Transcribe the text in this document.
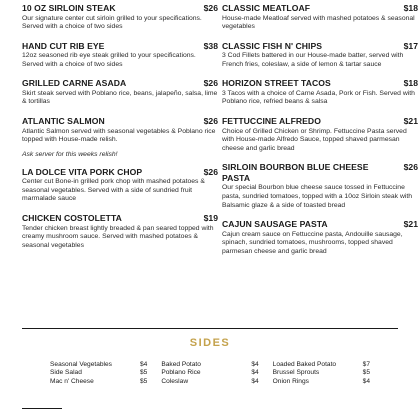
10 OZ SIRLOIN STEAK	$26
Our signature center cut sirloin grilled to your specifications. Served with a choice of two sides
HAND CUT RIB EYE	$38
12oz seasoned rib eye steak grilled to your specifications. Served with a choice of two sides
GRILLED CARNE ASADA	$26
Skirt steak served with Poblano rice, beans, jalapeño, salsa, lime & tortillas
ATLANTIC SALMON	$26
Atlantic Salmon served with seasonal vegetables & Poblano rice topped with House-made relish.
Ask server for this weeks relish!
LA DOLCE VITA PORK CHOP	$26
Center cut Bone-in grilled pork chop with mashed potatoes & seasonal vegetables. Served with a side of sundried fruit marmalade sauce
CHICKEN COSTOLETTA	$19
Tender chicken breast lightly breaded & pan seared topped with creamy mushroom sauce. Served with mashed potatoes & seasonal vegetables
CLASSIC MEATLOAF	$18
House-made Meatloaf served with mashed potatoes & seasonal vegetables
CLASSIC FISH N' CHIPS	$17
3 Cod Fillets battered in our House-made batter, served with French fries, coleslaw, a side of lemon & tartar sauce
HORIZON STREET TACOS	$18
3 Tacos with a choice of Carne Asada, Pork or Fish. Served with Poblano rice, refried beans & salsa
FETTUCCINE ALFREDO	$21
Choice of Grilled Chicken or Shrimp. Fettuccine Pasta served with House-made Alfredo Sauce, topped shaved parmesan cheese and garlic bread
SIRLOIN BOURBON BLUE CHEESE PASTA
$26
Our special Bourbon blue cheese sauce tossed in Fettuccine pasta, sundried tomatoes, topped with a 10oz Sirloin steak with Balsamic glaze & a side of toasted bread
CAJUN SAUSAGE PASTA	$21
Cajun cream sauce on Fettuccine pasta, Andouille sausage, spinach, sundried tomatoes, mushrooms, topped shaved parmesan cheese and garlic bread
SIDES
Seasonal Vegetables	$4
Side Salad	$5
Mac n' Cheese	$5
Baked Potato	$4
Poblano Rice	$4
Coleslaw	$4
Loaded Baked Potato	$7
Brussel Sprouts	$5
Onion Rings	$4
